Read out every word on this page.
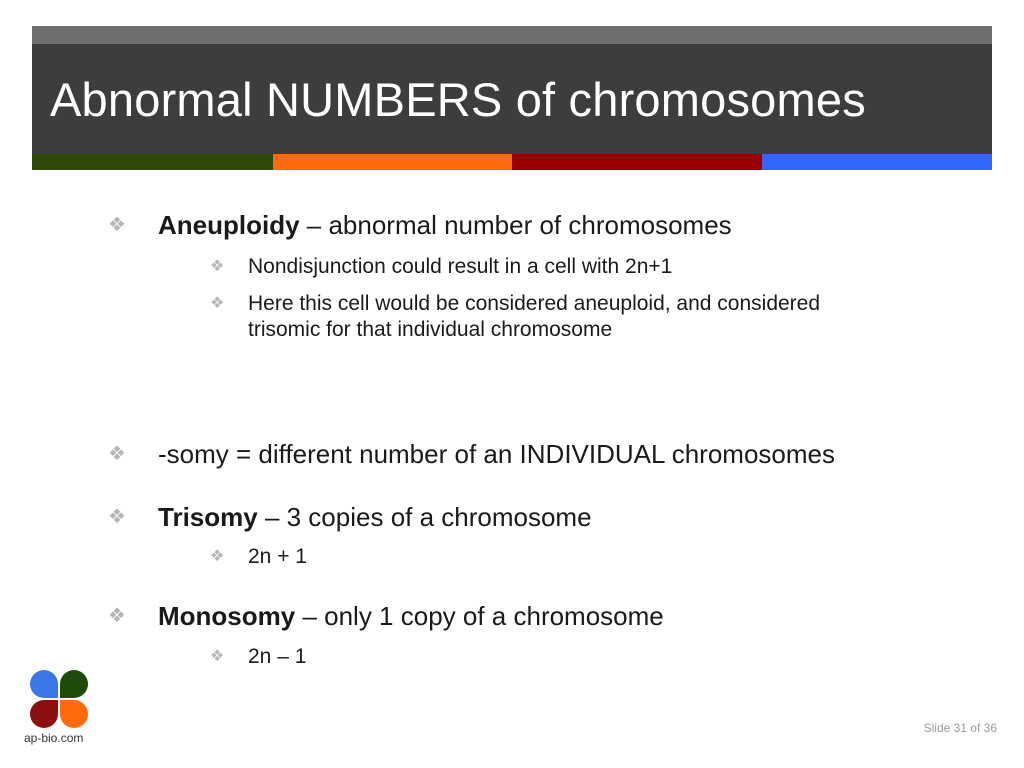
Abnormal NUMBERS of chromosomes
❖ Aneuploidy – abnormal number of chromosomes
❖ Nondisjunction could result in a cell with 2n+1
❖ Here this cell would be considered aneuploid, and considered
trisomic for that individual chromosome
❖ -somy = different number of an INDIVIDUAL chromosomes
❖ Trisomy – 3 copies of a chromosome
❖ 2n + 1
❖ Monosomy – only 1 copy of a chromosome
❖ 2n – 1
ap-bio.com
Slide 31 of 36
